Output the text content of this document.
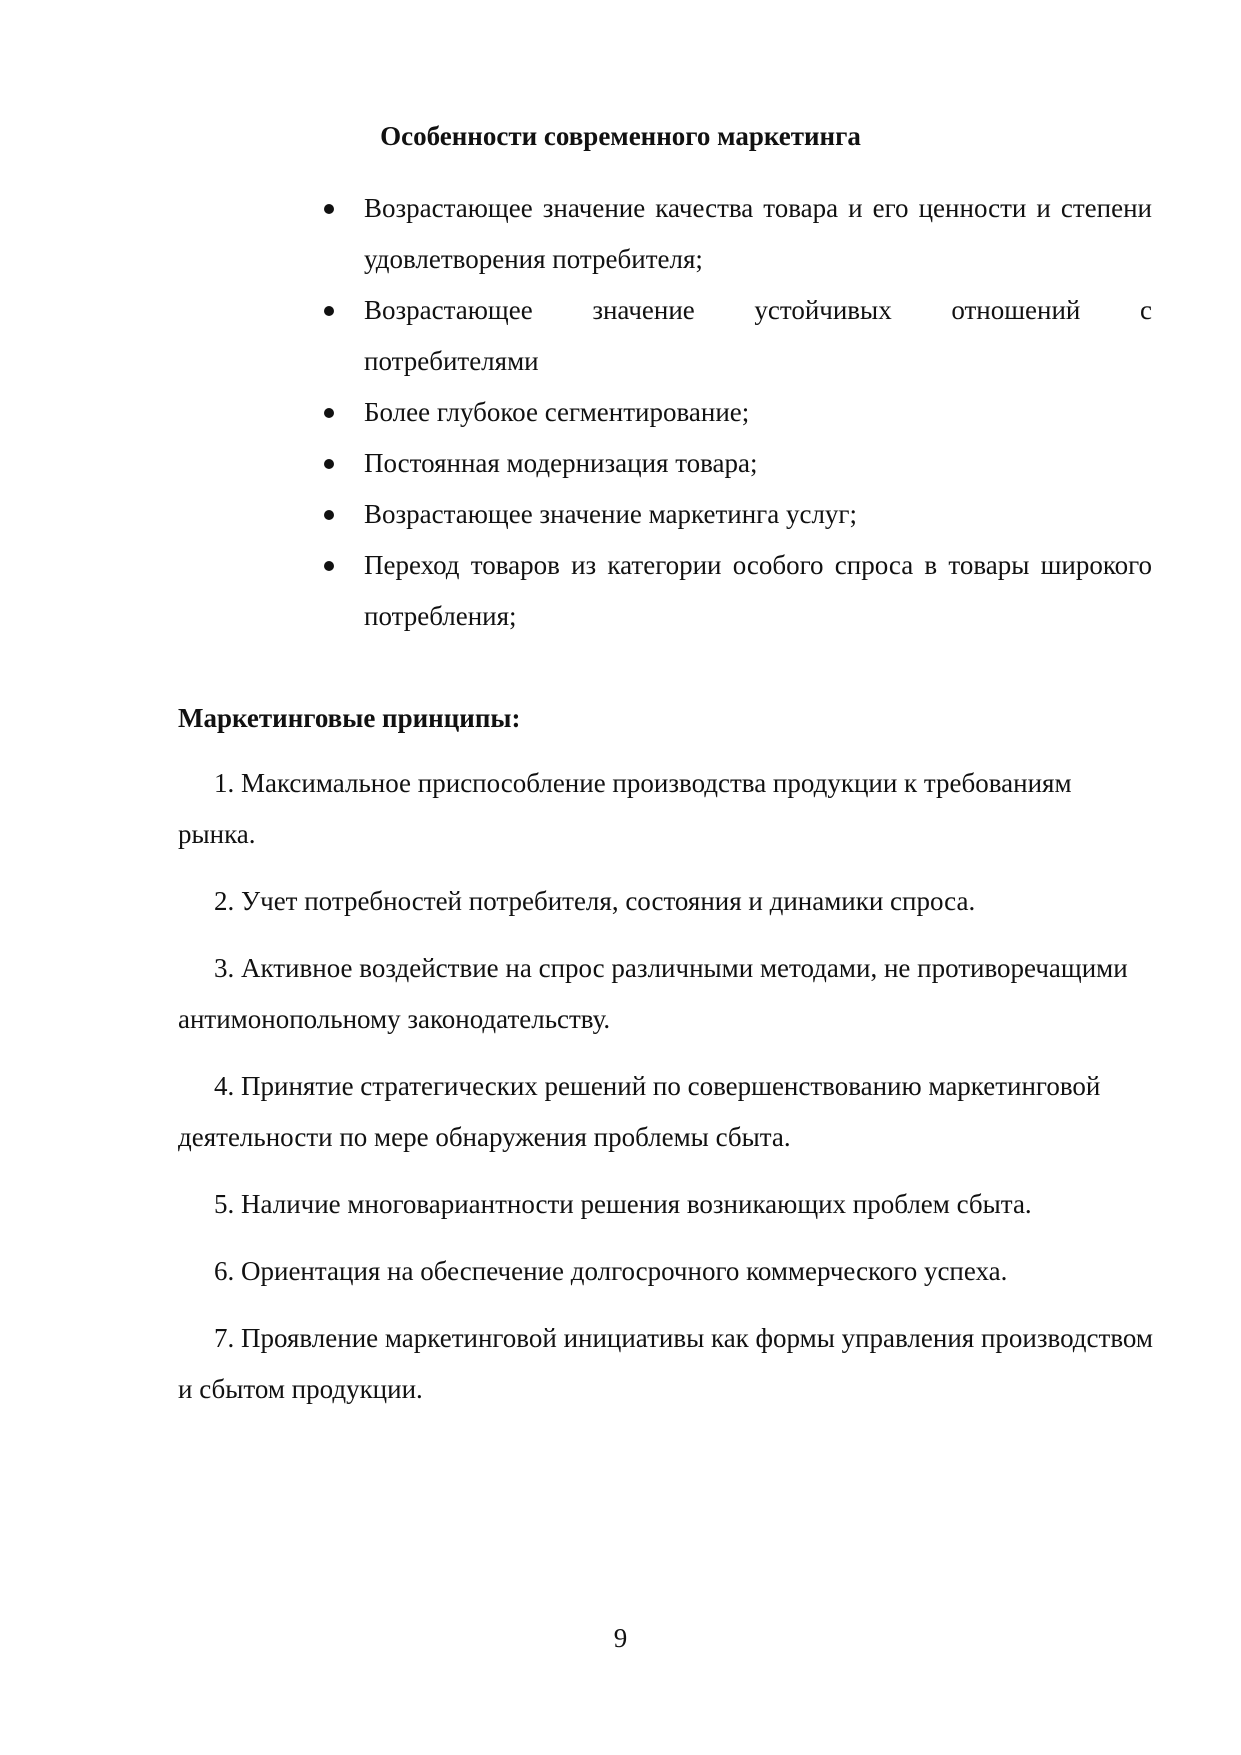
Особенности современного маркетинга
Возрастающее значение качества товара и его ценности и степени удовлетворения потребителя;
Возрастающее значение устойчивых отношений с
потребителями
Более глубокое сегментирование;
Постоянная модернизация товара;
Возрастающее значение маркетинга услуг;
Переход товаров из категории особого спроса в товары широкого потребления;
Маркетинговые принципы:
1. Максимальное приспособление производства продукции к требованиям рынка.
2. Учет потребностей потребителя, состояния и динамики спроса.
3. Активное воздействие на спрос различными методами, не противоречащими антимонопольному законодательству.
4. Принятие стратегических решений по совершенствованию маркетинговой деятельности по мере обнаружения проблемы сбыта.
5. Наличие многовариантности решения возникающих проблем сбыта.
6. Ориентация на обеспечение долгосрочного коммерческого успеха.
7. Проявление маркетинговой инициативы как формы управления производством и сбытом продукции.
9
